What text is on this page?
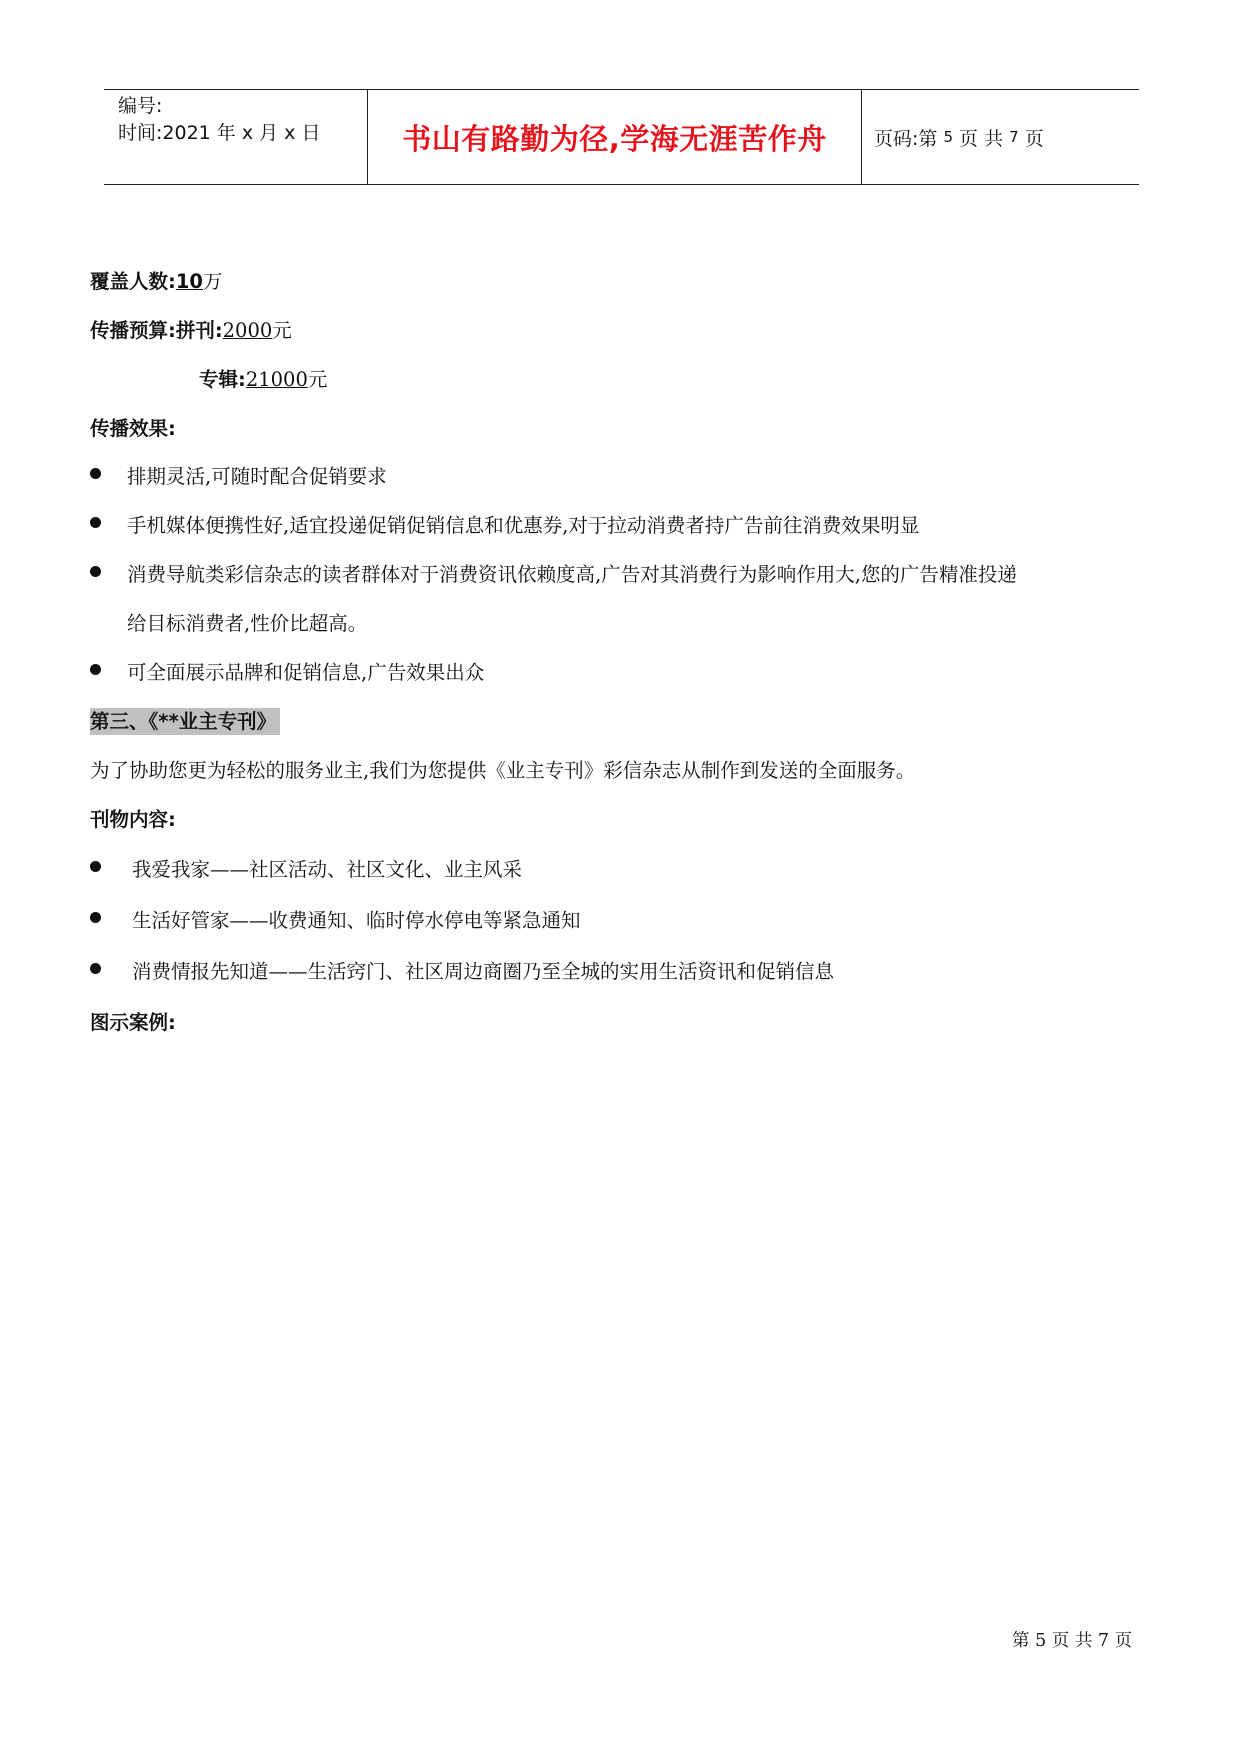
编号:
时间:2021 年 x 月 x 日	书山有路勤为径,学海无涯苦作舟 页码:第
5
页 共
7
页
覆盖人数:10万
传播预算:拼刊:2000元
专辑:21000元
传播效果:
排期灵活,可随时配合促销要求
手机媒体便携性好,适宜投递促销促销信息和优惠券,对于拉动消费者持广告前往消费效果明显
消费导航类彩信杂志的读者群体对于消费资讯依赖度高,广告对其消费行为影响作用大,您的广告精准投递
给目标消费者,性价比超高。
可全面展示品牌和促销信息,广告效果出众
第三、《**业主专刊》
为了协助您更为轻松的服务业主,我们为您提供《业主专刊》彩信杂志从制作到发送的全面服务。
刊物内容:
我爱我家——社区活动、社区文化、业主风采
生活好管家——收费通知、临时停水停电等紧急通知
消费情报先知道——生活窍门、社区周边商圈乃至全城的实用生活资讯和促销信息
图示案例:
第 5 页 共 7 页
